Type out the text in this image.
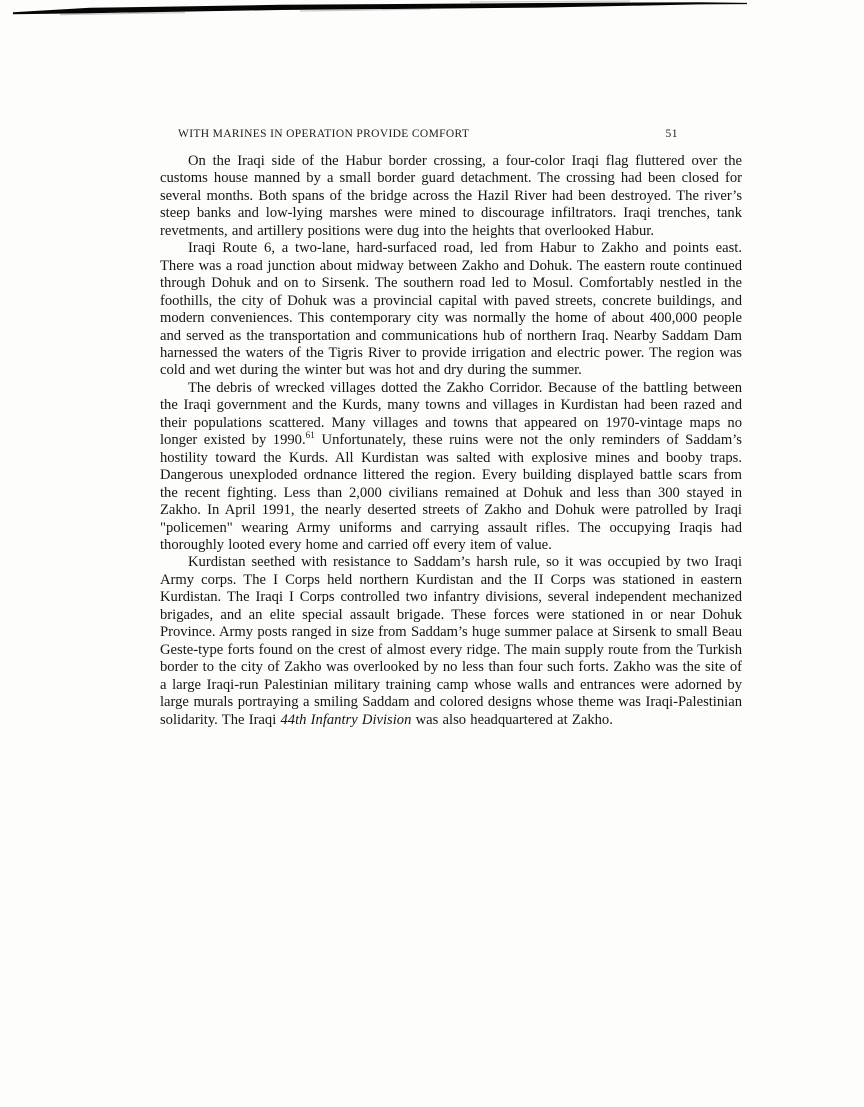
WITH MARINES IN OPERATION PROVIDE COMFORT	51

On the Iraqi side of the Habur border crossing, a four-color Iraqi flag fluttered over the customs house manned by a small border guard detachment. The crossing had been closed for several months. Both spans of the bridge across the Hazil River had been destroyed. The river’s steep banks and low-lying marshes were mined to discourage infiltrators. Iraqi trenches, tank revetments, and artillery positions were dug into the heights that overlooked Habur.

Iraqi Route 6, a two-lane, hard-surfaced road, led from Habur to Zakho and points east. There was a road junction about midway between Zakho and Dohuk. The eastern route continued through Dohuk and on to Sirsenk. The southern road led to Mosul. Comfortably nestled in the foothills, the city of Dohuk was a provincial capital with paved streets, concrete buildings, and modern conveniences. This contemporary city was normally the home of about 400,000 people and served as the transportation and communications hub of northern Iraq. Nearby Saddam Dam harnessed the waters of the Tigris River to provide irrigation and electric power. The region was cold and wet during the winter but was hot and dry during the summer.

The debris of wrecked villages dotted the Zakho Corridor. Because of the battling between the Iraqi government and the Kurds, many towns and villages in Kurdistan had been razed and their populations scattered. Many villages and towns that appeared on 1970-vintage maps no longer existed by 1990.61 Unfortunately, these ruins were not the only reminders of Saddam’s hostility toward the Kurds. All Kurdistan was salted with explosive mines and booby traps. Dangerous unexploded ordnance littered the region. Every building displayed battle scars from the recent fighting. Less than 2,000 civilians remained at Dohuk and less than 300 stayed in Zakho. In April 1991, the nearly deserted streets of Zakho and Dohuk were patrolled by Iraqi "policemen" wearing Army uniforms and carrying assault rifles. The occupying Iraqis had thoroughly looted every home and carried off every item of value.

Kurdistan seethed with resistance to Saddam’s harsh rule, so it was occupied by two Iraqi Army corps. The I Corps held northern Kurdistan and the II Corps was stationed in eastern Kurdistan. The Iraqi I Corps controlled two infantry divisions, several independent mechanized brigades, and an elite special assault brigade. These forces were stationed in or near Dohuk Province. Army posts ranged in size from Saddam’s huge summer palace at Sirsenk to small Beau Geste-type forts found on the crest of almost every ridge. The main supply route from the Turkish border to the city of Zakho was overlooked by no less than four such forts. Zakho was the site of a large Iraqi-run Palestinian military training camp whose walls and entrances were adorned by large murals portraying a smiling Saddam and colored designs whose theme was Iraqi-Palestinian solidarity. The Iraqi 44th Infantry Division was also headquartered at Zakho.
